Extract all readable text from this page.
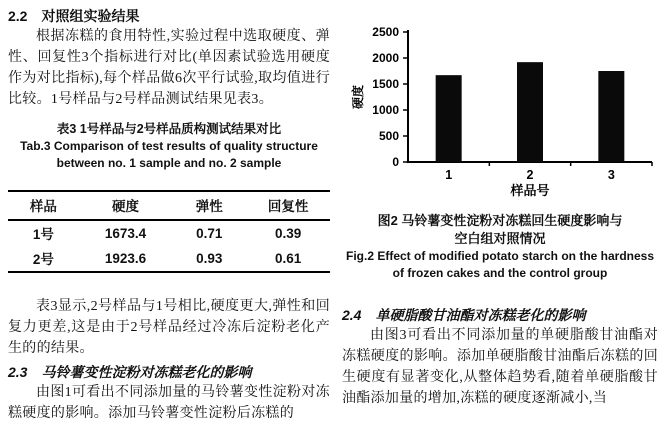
2.2 对照组实验结果

根据冻糕的食用特性,实验过程中选取硬度、弹性、回复性3个指标进行对比(单因素试验选用硬度作为对比指标),每个样品做6次平行试验,取均值进行比较。1号样品与2号样品测试结果见表3。

表3 1号样品与2号样品质构测试结果对比
Tab.3 Comparison of test results of quality structure
between no. 1 sample and no. 2 sample
样品	硬度	弹性	回复性
1号	1673.4	0.71	0.39
2号	1923.6	0.93	0.61

表3显示,2号样品与1号相比,硬度更大,弹性和回复力更差,这是由于2号样品经过冷冻后淀粉老化产生的的结果。

2.3 马铃薯变性淀粉对冻糕老化的影响

由图1可看出不同添加量的马铃薯变性淀粉对冻糕硬度的影响。添加马铃薯变性淀粉后冻糕的

0
500
1000
1500
2000
2500
硬度
1	2	3
样品号
图2 马铃薯变性淀粉对冻糕回生硬度影响与
空白组对照情况
Fig.2 Effect of modified potato starch on the hardness
of frozen cakes and the control group
2.4 单硬脂酸甘油酯对冻糕老化的影响

由图3可看出不同添加量的单硬脂酸甘油酯对冻糕硬度的影响。添加单硬脂酸甘油酯后冻糕的回生硬度有显著变化,从整体趋势看,随着单硬脂酸甘油酯添加量的增加,冻糕的硬度逐渐减小,当
